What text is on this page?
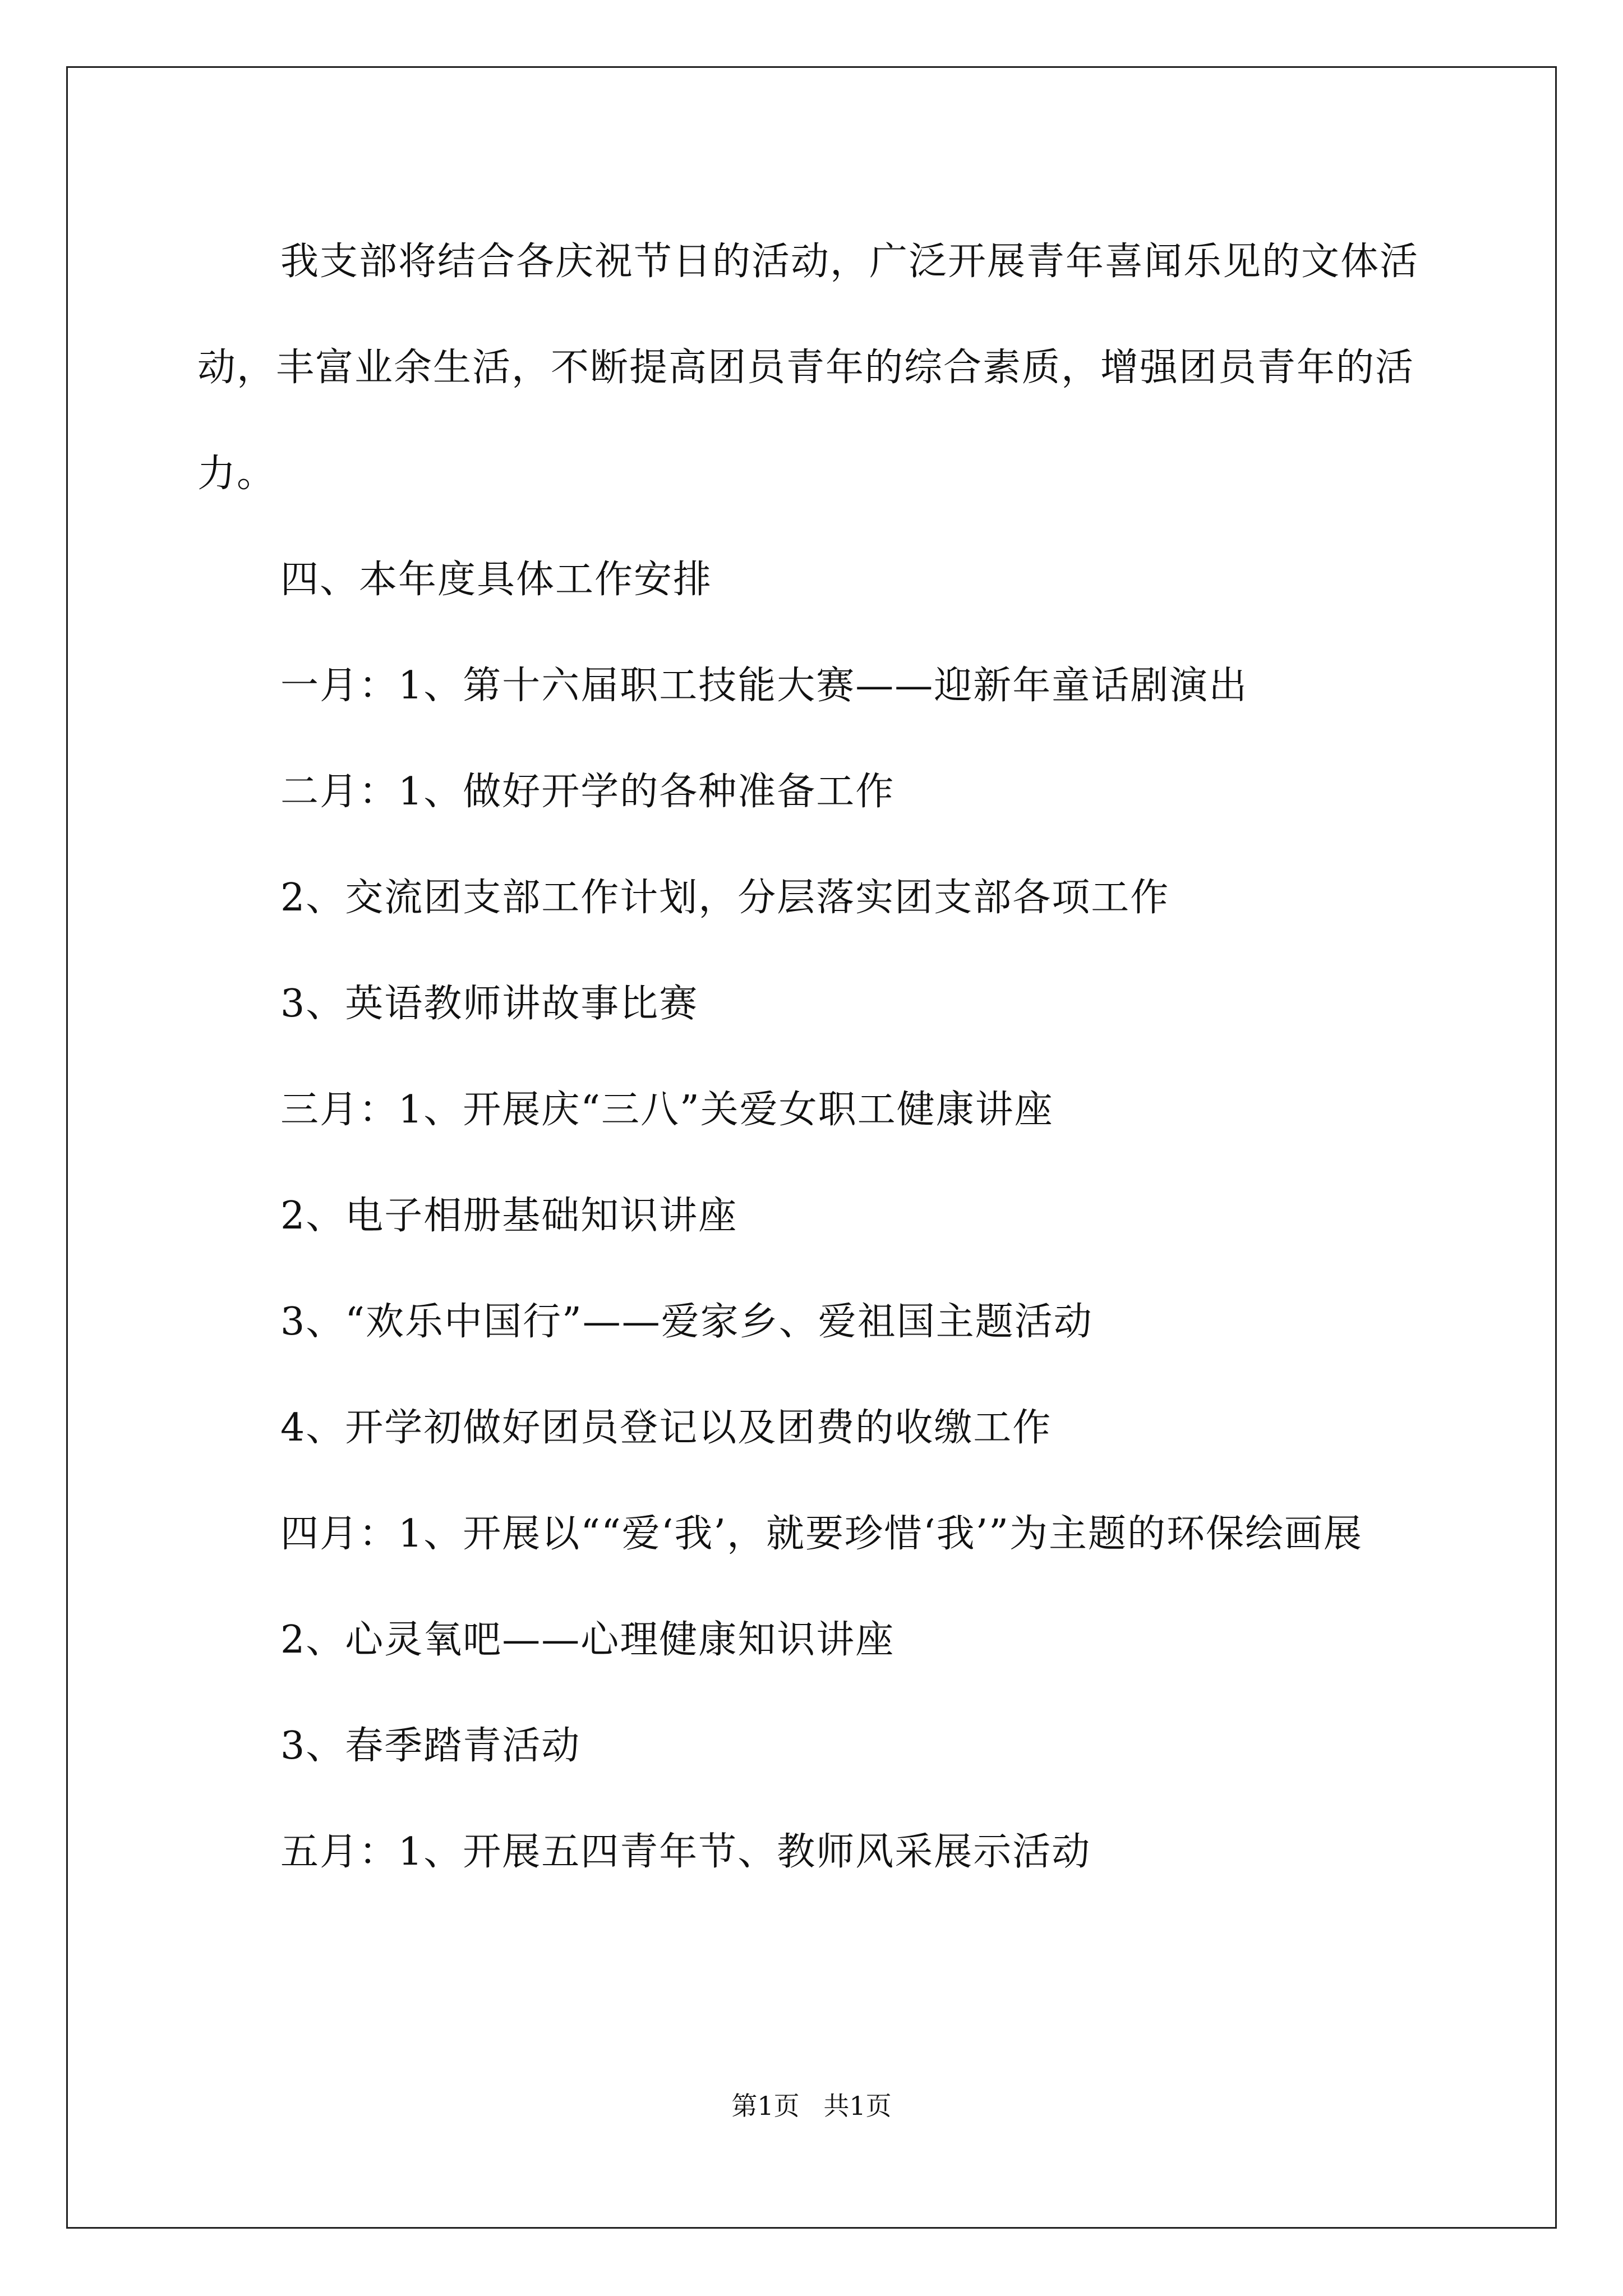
我支部将结合各庆祝节日的活动，广泛开展青年喜闻乐见的文体活动，丰富业余生活，不断提高团员青年的综合素质，增强团员青年的活力。

四、本年度具体工作安排

一月：1、第十六届职工技能大赛——迎新年童话剧演出

二月：1、做好开学的各种准备工作

2、交流团支部工作计划，分层落实团支部各项工作

3、英语教师讲故事比赛

三月：1、开展庆“三八”关爱女职工健康讲座

2、电子相册基础知识讲座

3、“欢乐中国行”——爱家乡、爱祖国主题活动

4、开学初做好团员登记以及团费的收缴工作

四月：1、开展以““爱‘我’，就要珍惜‘我’”为主题的环保绘画展

2、心灵氧吧——心理健康知识讲座

3、春季踏青活动

五月：1、开展五四青年节、教师风采展示活动

第1页 共1页
